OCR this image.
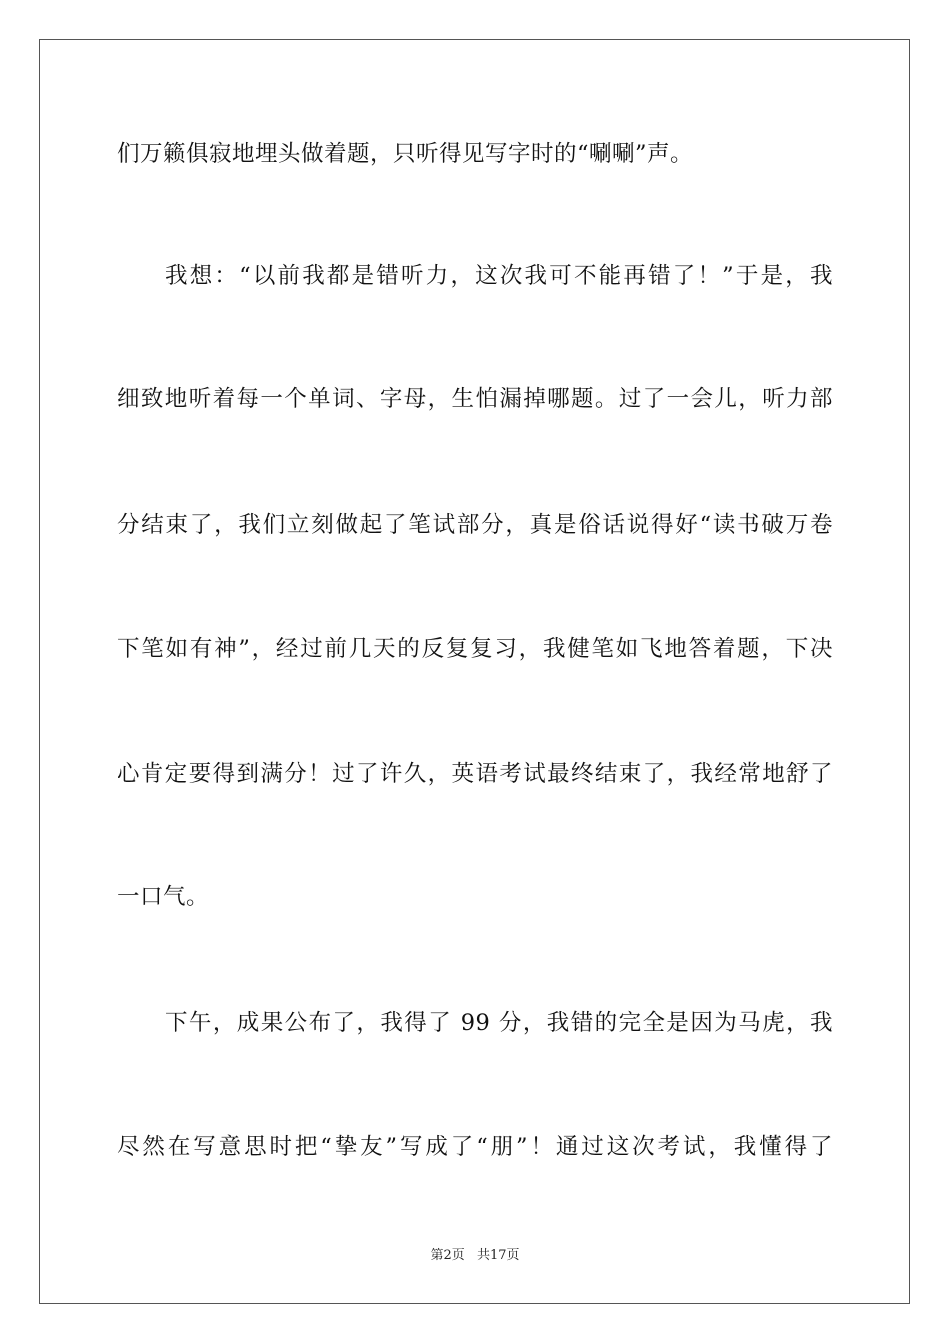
们万籁俱寂地埋头做着题，只听得见写字时的“唰唰”声。
我想：“以前我都是错听力，这次我可不能再错了！”于是，我
细致地听着每一个单词、字母，生怕漏掉哪题。过了一会儿，听力部
分结束了，我们立刻做起了笔试部分，真是俗话说得好“读书破万卷
下笔如有神”，经过前几天的反复复习，我健笔如飞地答着题，下决
心肯定要得到满分！过了许久，英语考试最终结束了，我经常地舒了
一口气。
下午，成果公布了，我得了 99 分，我错的完全是因为马虎，我
尽然在写意思时把“挚友”写成了“朋”！通过这次考试，我懂得了
第2页 共17页
